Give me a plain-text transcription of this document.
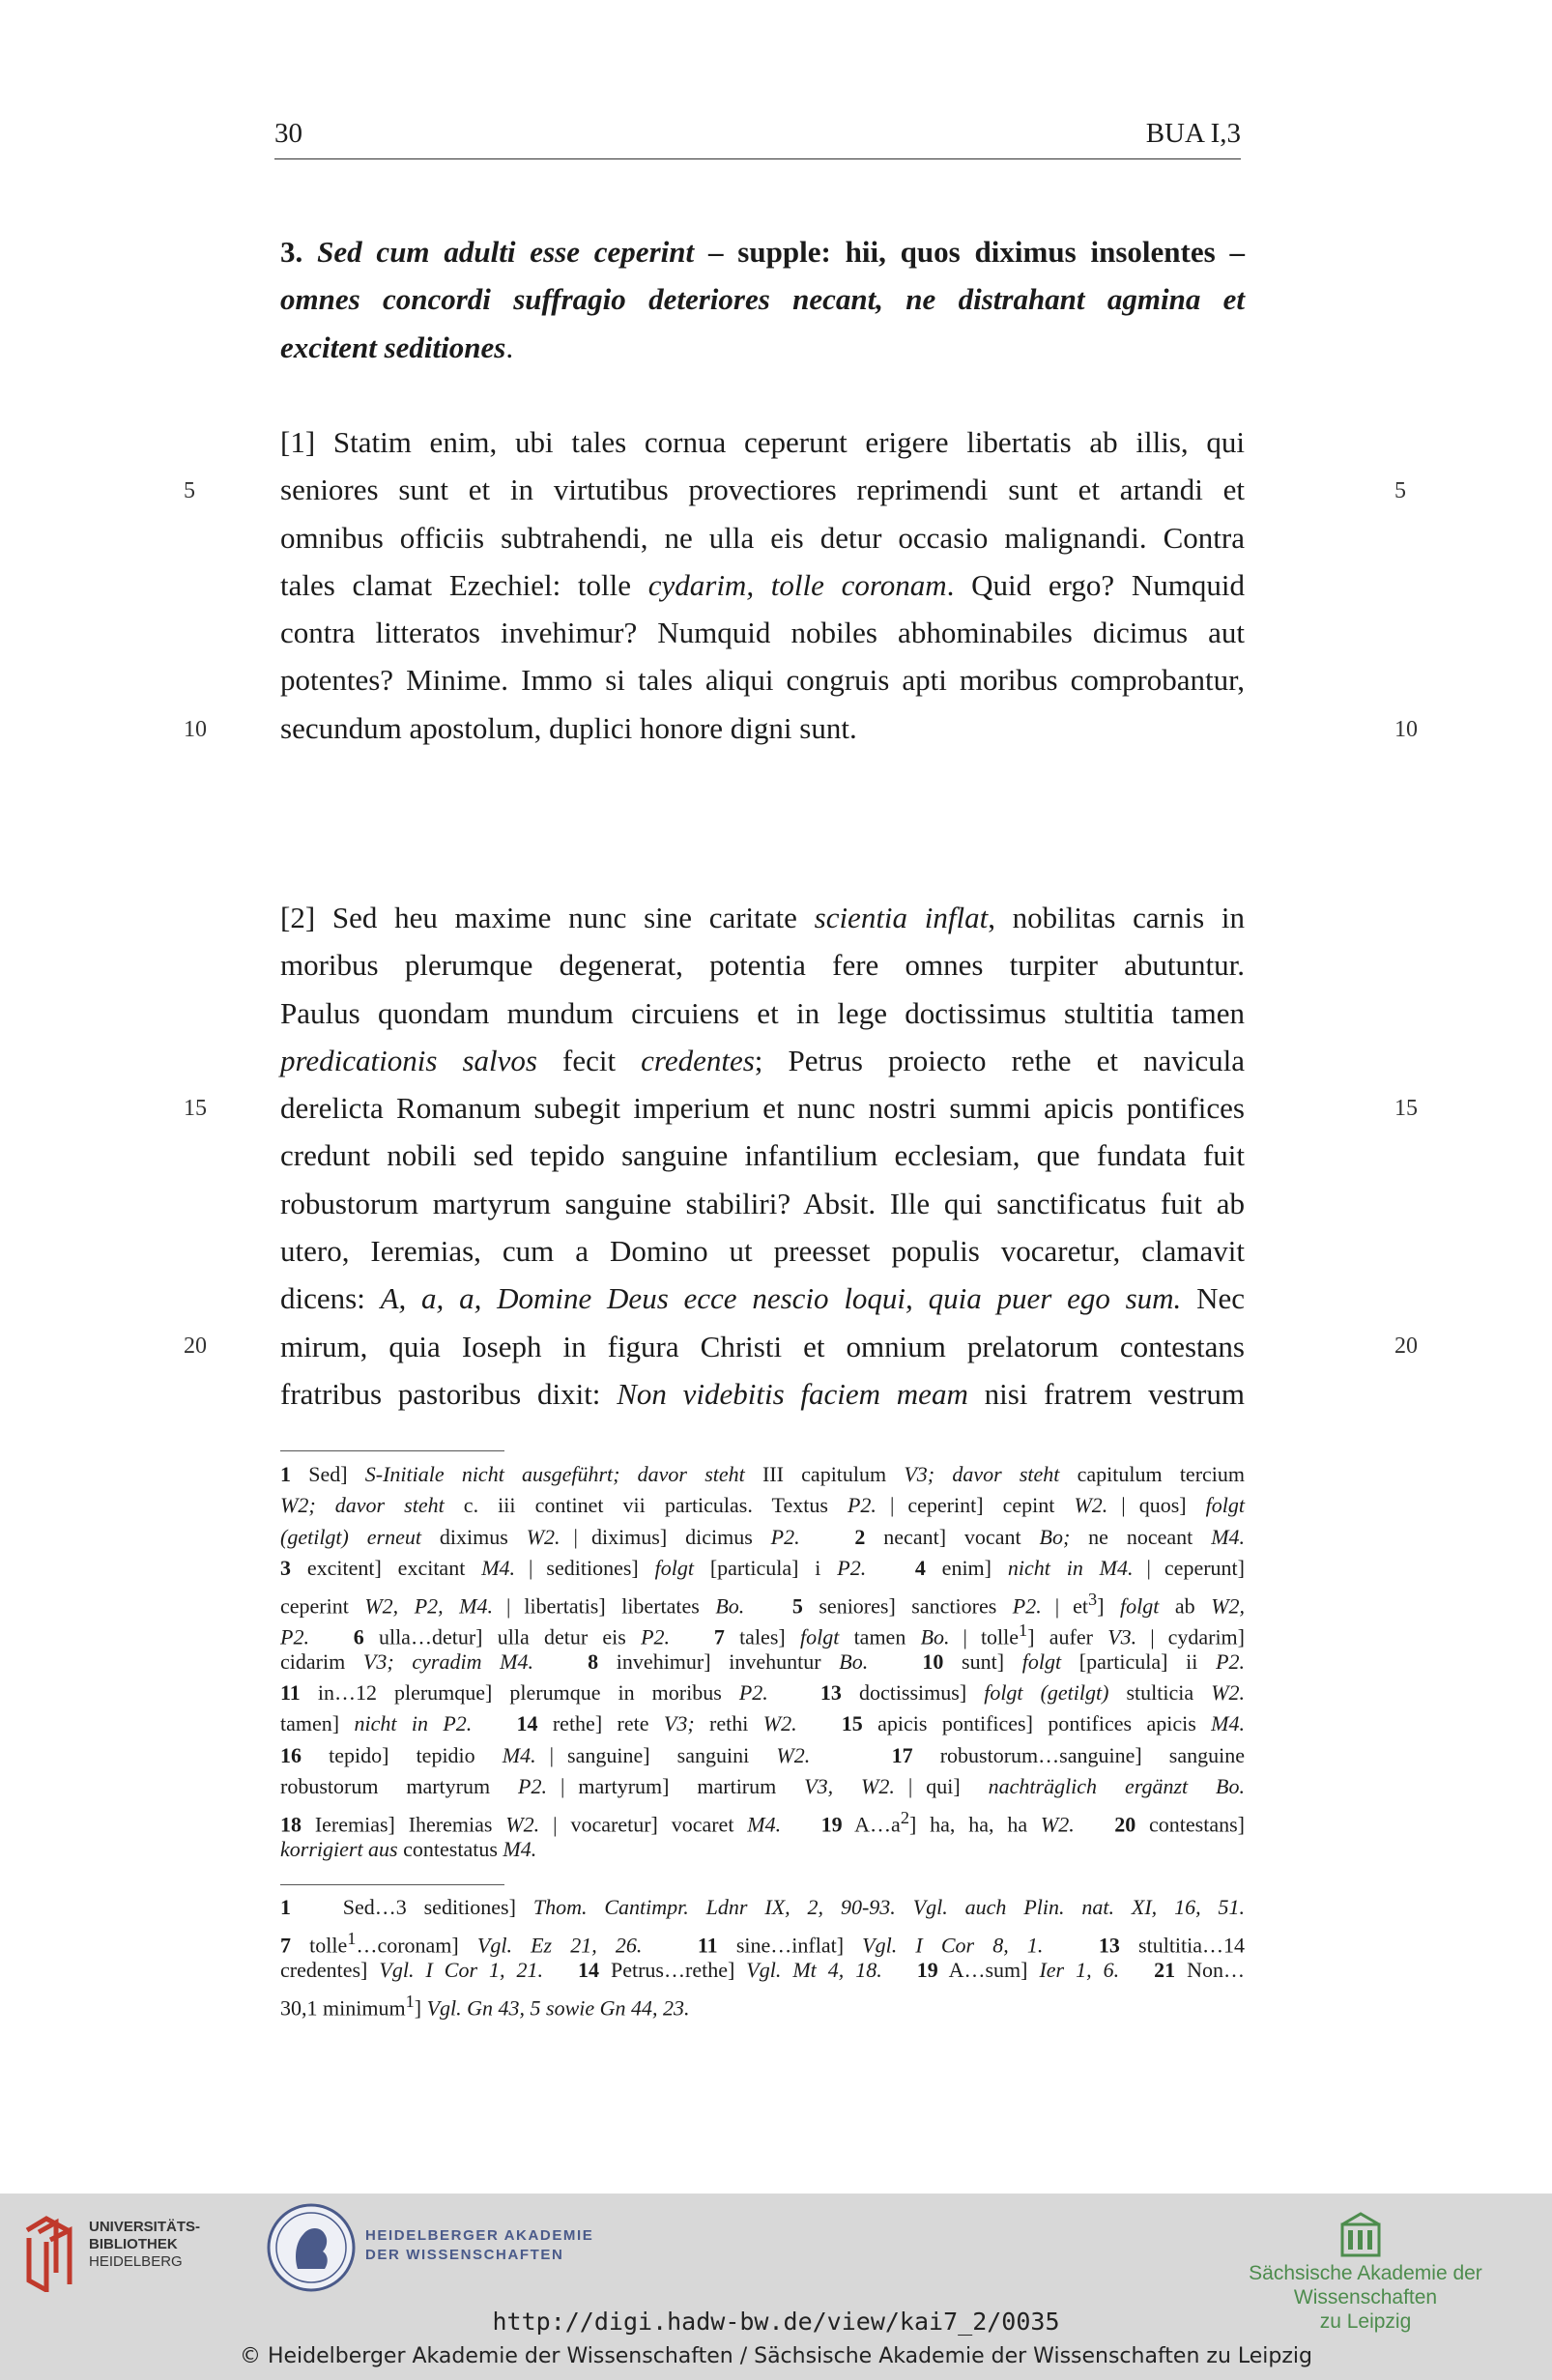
30	BUA I,3
3. Sed cum adulti esse ceperint – supple: hii, quos diximus insolentes –
omnes concordi suffragio deteriores necant, ne distrahant agmina et
excitent seditiones.
[1] Statim enim, ubi tales cornua ceperunt erigere libertatis ab illis, qui
seniores sunt et in virtutibus provectiores reprimendi sunt et artandi et
omnibus officiis subtrahendi, ne ulla eis detur occasio malignandi. Contra
tales clamat Ezechiel: tolle cydarim, tolle coronam. Quid ergo? Numquid
contra litteratos invehimur? Numquid nobiles abhominabiles dicimus aut
potentes? Minime. Immo si tales aliqui congruis apti moribus comprobantur,
secundum apostolum, duplici honore digni sunt.
[2] Sed heu maxime nunc sine caritate scientia inflat, nobilitas carnis in
moribus plerumque degenerat, potentia fere omnes turpiter abutuntur.
Paulus quondam mundum circuiens et in lege doctissimus stultitia tamen
predicationis salvos fecit credentes; Petrus proiecto rethe et navicula
derelicta Romanum subegit imperium et nunc nostri summi apicis pontifices
credunt nobili sed tepido sanguine infantilium ecclesiam, que fundata fuit
robustorum martyrum sanguine stabiliri? Absit. Ille qui sanctificatus fuit ab
utero, Ieremias, cum a Domino ut preesset populis vocaretur, clamavit
dicens: A, a, a, Domine Deus ecce nescio loqui, quia puer ego sum. Nec
mirum, quia Ioseph in figura Christi et omnium prelatorum contestans
fratribus pastoribus dixit: Non videbitis faciem meam nisi fratrem vestrum
5	5
10	10
15	15
20	20
1 Sed] S-Initiale nicht ausgeführt; davor steht III capitulum V3; davor steht capitulum tercium
W2; davor steht c. iii continet vii particulas. Textus P2. | ceperint] cepint W2. | quos] folgt
(getilgt) erneut diximus W2. | diximus] dicimus P2.	2 necant] vocant Bo; ne noceant M4.
3 excitent] excitant M4. | seditiones] folgt [particula] i P2. 4 enim] nicht in M4. | ceperunt]
ceperint W2, P2, M4. | libertatis] libertates Bo. 5 seniores] sanctiores P2. | $et^3$] folgt ab W2,
P2. 6 ulla…detur] ulla detur eis P2. 7 tales] folgt tamen Bo. | tolle$^1$] aufer V3. | cydarim]
cidarim V3; cyradim M4.	8 invehimur] invehuntur Bo.	10 sunt] folgt [particula] ii P2.
11 in…12 plerumque] plerumque in moribus P2. 13 doctissimus] folgt (getilgt) stulticia W2.
tamen] nicht in P2. 14 rethe] rete V3; rethi W2. 15 apicis pontifices] pontifices apicis M4.
16 tepido] tepidio M4. | sanguine] sanguini W2.	17 robustorum…sanguine] sanguine
robustorum martyrum P2. | martyrum] martirum V3, W2. | qui] nachträglich ergänzt Bo.
18 Ieremias] Iheremias W2. | vocaretur] vocaret M4. 19 $A\dots a^2$] ha, ha, ha W2. 20 contestans]
korrigiert aus contestatus M4.
1   Sed…3 seditiones] Thom. Cantimpr. Ldnr IX, 2, 90-93. Vgl. auch Plin. nat. XI, 16, 51.
7 tolle$^1$…coronam] Vgl. Ez 21, 26.	11 sine…inflat] Vgl. I Cor 8, 1.	13 stultitia…14
credentes] Vgl. I Cor 1, 21. 14 Petrus…rethe] Vgl. Mt 4, 18. 19 A…sum] Ier 1, 6. 21 Non…
30,1 minimum$^1$] Vgl. Gn 43, 5 sowie Gn 44, 23.
UNIVERSITÄTS-
BIBLIOTHEK
HEIDELBERG
HEIDELBERGER AKADEMIE
DER WISSENSCHAFTEN
Sächsische Akademie der Wissenschaften
zu Leipzig
http://digi.hadw-bw.de/view/kai7_2/0035
© Heidelberger Akademie der Wissenschaften / Sächsische Akademie der Wissenschaften zu Leipzig
